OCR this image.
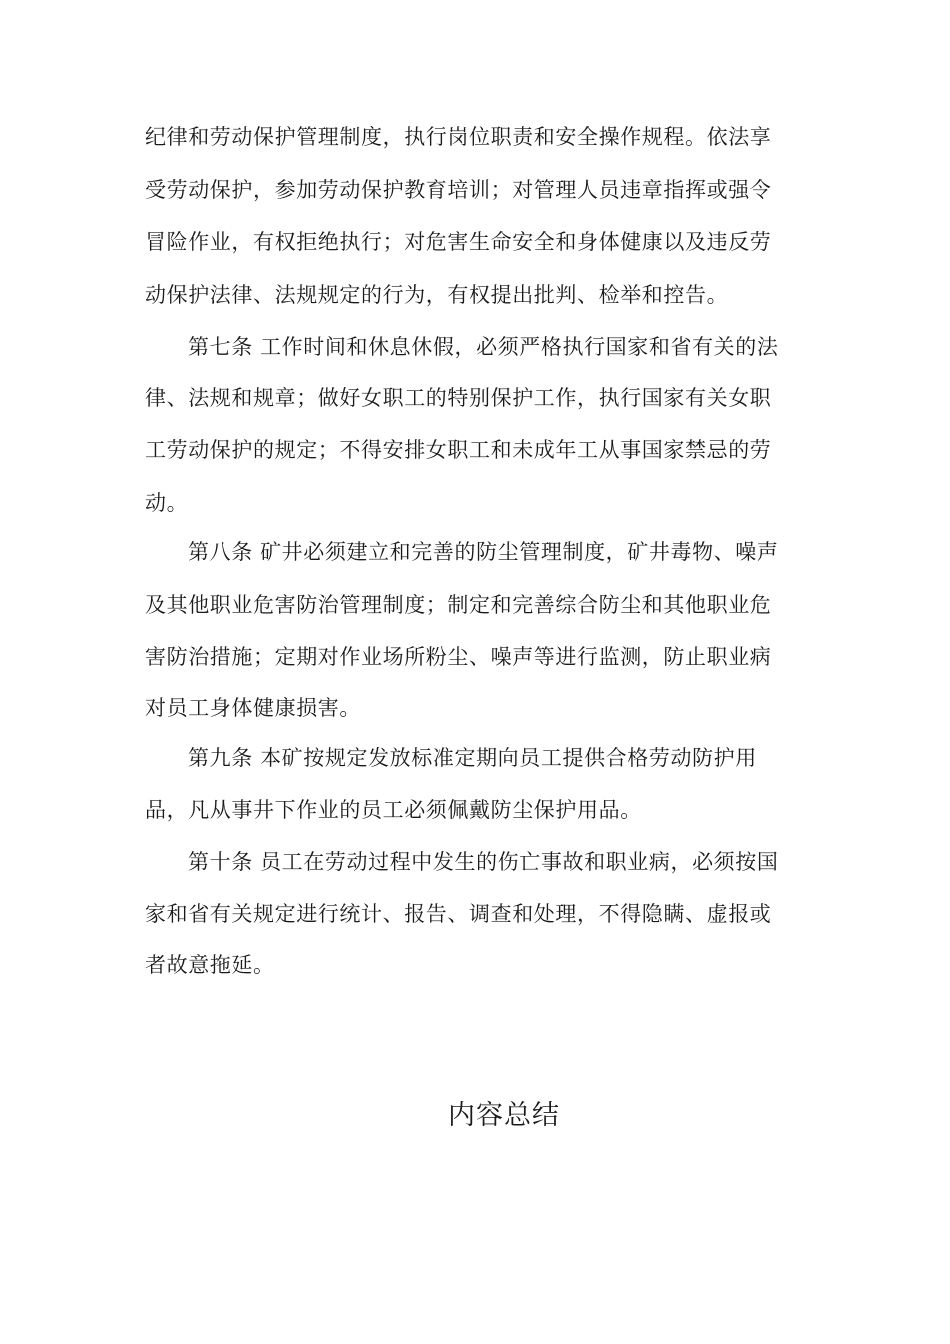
纪律和劳动保护管理制度，执行岗位职责和安全操作规程。依法享
受劳动保护，参加劳动保护教育培训；对管理人员违章指挥或强令
冒险作业，有权拒绝执行；对危害生命安全和身体健康以及违反劳
动保护法律、法规规定的行为，有权提出批判、检举和控告。
第七条 工作时间和休息休假，必须严格执行国家和省有关的法
律、法规和规章；做好女职工的特别保护工作，执行国家有关女职
工劳动保护的规定；不得安排女职工和未成年工从事国家禁忌的劳
动。
第八条 矿井必须建立和完善的防尘管理制度，矿井毒物、噪声
及其他职业危害防治管理制度；制定和完善综合防尘和其他职业危
害防治措施；定期对作业场所粉尘、噪声等进行监测，防止职业病
对员工身体健康损害。
第九条 本矿按规定发放标准定期向员工提供合格劳动防护用
品，凡从事井下作业的员工必须佩戴防尘保护用品。
第十条 员工在劳动过程中发生的伤亡事故和职业病，必须按国
家和省有关规定进行统计、报告、调查和处理，不得隐瞒、虚报或
者故意拖延。
内容总结
